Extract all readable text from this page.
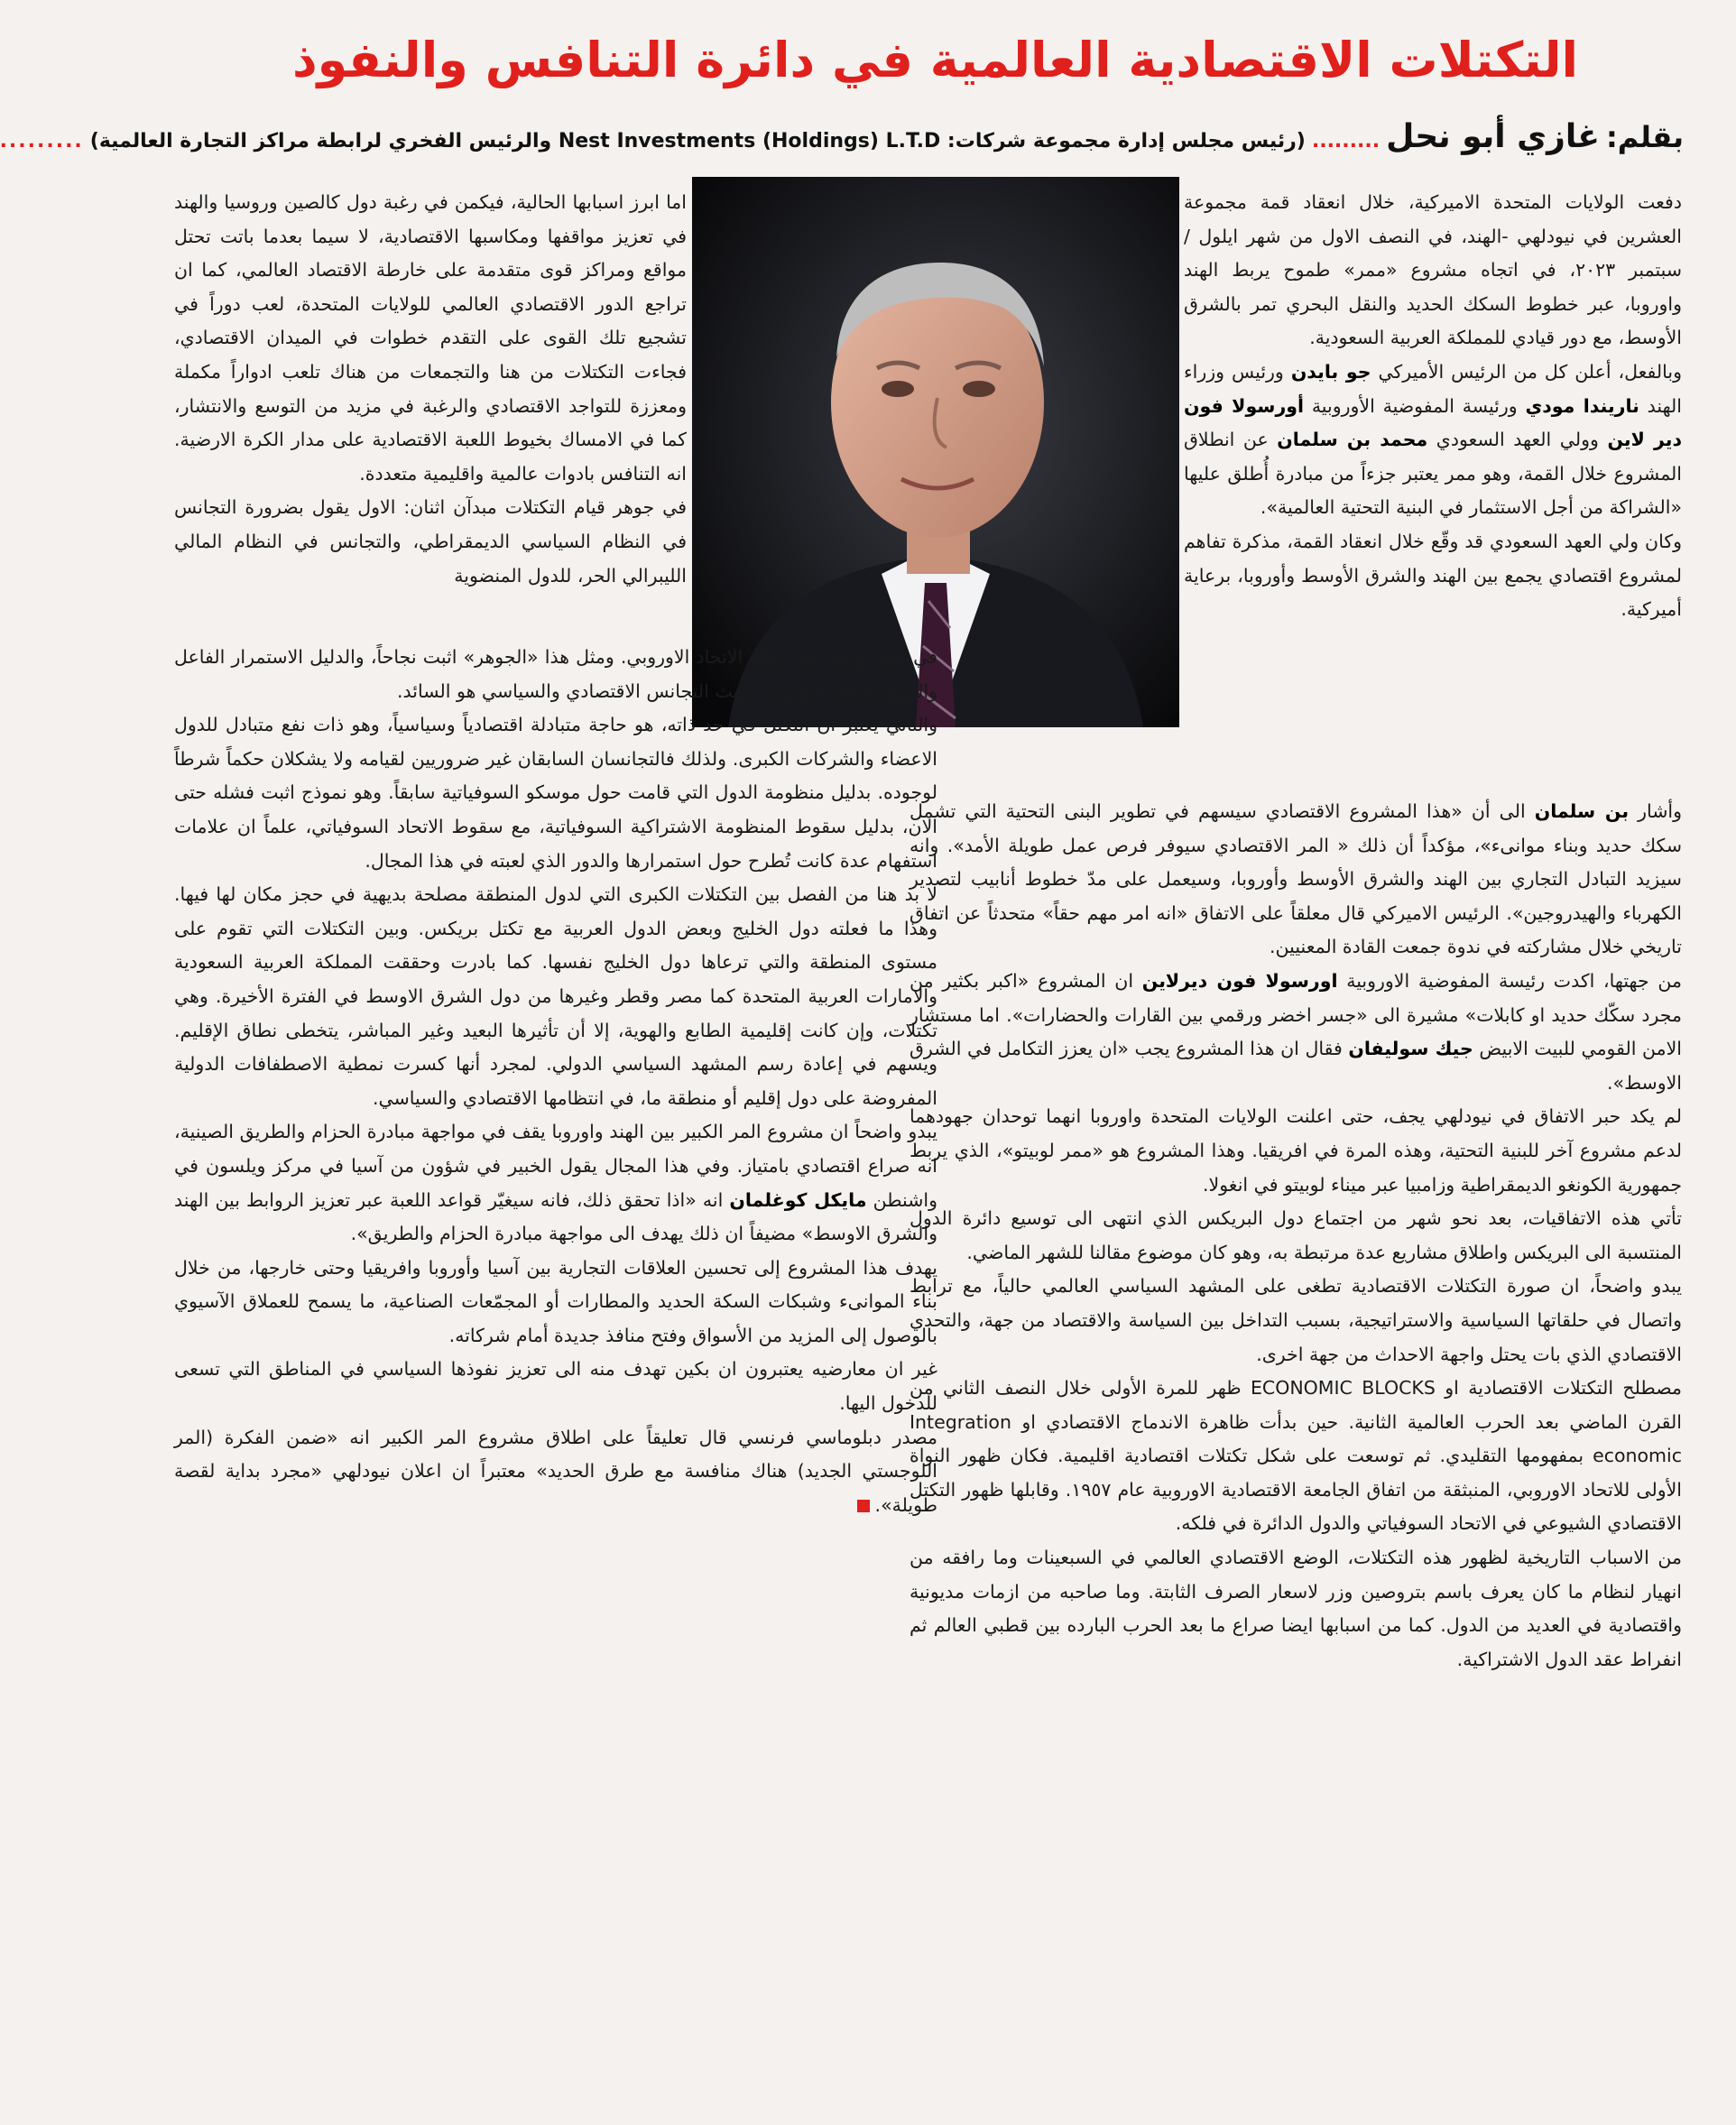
التكتلات الاقتصادية العالمية في دائرة التنافس والنفوذ
بقلم: غازي أبو نحل ......... (رئيس مجلس إدارة مجموعة شركات: Nest Investments (Holdings) L.T.D والرئيس الفخري لرابطة مراكز التجارة العالمية) .........

دفعت الولايات المتحدة الاميركية، خلال انعقاد قمة مجموعة العشرين في نيودلهي -الهند، في النصف الاول من شهر ايلول / سبتمبر ٢٠٢٣، في اتجاه مشروع «ممر» طموح يربط الهند واوروبا، عبر خطوط السكك الحديد والنقل البحري تمر بالشرق الأوسط، مع دور قيادي للمملكة العربية السعودية.

وبالفعل، أعلن كل من الرئيس الأميركي جو بايدن ورئيس وزراء الهند ناريندا مودي ورئيسة المفوضية الأوروبية أورسولا فون دير لاين وولي العهد السعودي محمد بن سلمان عن انطلاق المشروع خلال القمة، وهو ممر يعتبر جزءاً من مبادرة أُطلق عليها «الشراكة من أجل الاستثمار في البنية التحتية العالمية».

وكان ولي العهد السعودي قد وقّع خلال انعقاد القمة، مذكرة تفاهم لمشروع اقتصادي يجمع بين الهند والشرق الأوسط وأوروبا، برعاية أميركية.

اما ابرز اسبابها الحالية، فيكمن في رغبة دول كالصين وروسيا والهند في تعزيز مواقفها ومكاسبها الاقتصادية، لا سيما بعدما باتت تحتل مواقع ومراكز قوى متقدمة على خارطة الاقتصاد العالمي، كما ان تراجع الدور الاقتصادي العالمي للولايات المتحدة، لعب دوراً في تشجيع تلك القوى على التقدم خطوات في الميدان الاقتصادي، فجاءت التكتلات من هنا والتجمعات من هناك تلعب ادواراً مكملة ومعززة للتواجد الاقتصادي والرغبة في مزيد من التوسع والانتشار، كما في الامساك بخيوط اللعبة الاقتصادية على مدار الكرة الارضية. انه التنافس بادوات عالمية واقليمية متعددة.

في جوهر قيام التكتلات مبدآن اثنان: الاول يقول بضرورة التجانس في النظام السياسي الديمقراطي، والتجانس في النظام المالي الليبرالي الحر، للدول المنضوية

وأشار بن سلمان الى أن «هذا المشروع الاقتصادي سيسهم في تطوير البنى التحتية التي تشمل سكك حديد وبناء موانىء»، مؤكداً أن ذلك « المر الاقتصادي سيوفر فرص عمل طويلة الأمد». وانه سيزيد التبادل التجاري بين الهند والشرق الأوسط وأوروبا، وسيعمل على مدّ خطوط أنابيب لتصدير الكهرباء والهيدروجين». الرئيس الاميركي قال معلقاً على الاتفاق «انه امر مهم حقاً» متحدثاً عن اتفاق تاريخي خلال مشاركته في ندوة جمعت القادة المعنيين.

من جهتها، اكدت رئيسة المفوضية الاوروبية اورسولا فون ديرلاين ان المشروع «اكبر بكثير من مجرد سكّك حديد او كابلات» مشيرة الى «جسر اخضر ورقمي بين القارات والحضارات». اما مستشار الامن القومي للبيت الابيض جيك سوليفان فقال ان هذا المشروع يجب «ان يعزز التكامل في الشرق الاوسط».

لم يكد حبر الاتفاق في نيودلهي يجف، حتى اعلنت الولايات المتحدة واوروبا انهما توحدان جهودهما لدعم مشروع آخر للبنية التحتية، وهذه المرة في افريقيا. وهذا المشروع هو «ممر لوبيتو»، الذي يربط جمهورية الكونغو الديمقراطية وزامبيا عبر ميناء لوبيتو في انغولا.

تأتي هذه الاتفاقيات، بعد نحو شهر من اجتماع دول البريكس الذي انتهى الى توسيع دائرة الدول المنتسبة الى البريكس واطلاق مشاريع عدة مرتبطة به، وهو كان موضوع مقالنا للشهر الماضي.

يبدو واضحاً، ان صورة التكتلات الاقتصادية تطغى على المشهد السياسي العالمي حالياً، مع ترابط واتصال في حلقاتها السياسية والاستراتيجية، بسبب التداخل بين السياسة والاقتصاد من جهة، والتحدي الاقتصادي الذي بات يحتل واجهة الاحداث من جهة اخرى.

مصطلح التكتلات الاقتصادية او ECONOMIC BLOCKS ظهر للمرة الأولى خلال النصف الثاني من القرن الماضي بعد الحرب العالمية الثانية. حين بدأت ظاهرة الاندماج الاقتصادي او Integration economic بمفهومها التقليدي. ثم توسعت على شكل تكتلات اقتصادية اقليمية. فكان ظهور النواة الأولى للاتحاد الاوروبي، المنبثقة من اتفاق الجامعة الاقتصادية الاوروبية عام ١٩٥٧. وقابلها ظهور التكتل الاقتصادي الشيوعي في الاتحاد السوفياتي والدول الدائرة في فلكه.

من الاسباب التاريخية لظهور هذه التكتلات، الوضع الاقتصادي العالمي في السبعينات وما رافقه من انهيار لنظام ما كان يعرف باسم بتروصين وزر لاسعار الصرف الثابتة. وما صاحبه من ازمات مديونية واقتصادية في العديد من الدول. كما من اسبابها ايضا صراع ما بعد الحرب البارده بين قطبي العالم ثم انفراط عقد الدول الاشتراكية.

في تكتل واحد. مثل حالة الاتحاد الاوروبي. ومثل هذا «الجوهر» اثبت نجاحاً، والدليل الاستمرار الفاعل والقوي للاتحاد الاوروبي، حيث التجانس الاقتصادي والسياسي هو السائد.

والثاني يعتبر أن التكتل في حد ذاته، هو حاجة متبادلة اقتصادياً وسياسياً، وهو ذات نفع متبادل للدول الاعضاء والشركات الكبرى. ولذلك فالتجانسان السابقان غير ضروريين لقيامه ولا يشكلان حكماً شرطاً لوجوده. بدليل منظومة الدول التي قامت حول موسكو السوفياتية سابقاً. وهو نموذج اثبت فشله حتى الان، بدليل سقوط المنظومة الاشتراكية السوفياتية، مع سقوط الاتحاد السوفياتي، علماً ان علامات استفهام عدة كانت تُطرح حول استمرارها والدور الذي لعبته في هذا المجال.

لا بد هنا من الفصل بين التكتلات الكبرى التي لدول المنطقة مصلحة بديهية في حجز مكان لها فيها. وهذا ما فعلته دول الخليج وبعض الدول العربية مع تكتل بريكس. وبين التكتلات التي تقوم على مستوى المنطقة والتي ترعاها دول الخليج نفسها. كما بادرت وحققت المملكة العربية السعودية والامارات العربية المتحدة كما مصر وقطر وغيرها من دول الشرق الاوسط في الفترة الأخيرة. وهي تكتلات، وإن كانت إقليمية الطابع والهوية، إلا أن تأثيرها البعيد وغير المباشر، يتخطى نطاق الإقليم. ويسهم في إعادة رسم المشهد السياسي الدولي. لمجرد أنها كسرت نمطية الاصطفافات الدولية المفروضة على دول إقليم أو منطقة ما، في انتظامها الاقتصادي والسياسي.

يبدو واضحاً ان مشروع المر الكبير بين الهند واوروبا يقف في مواجهة مبادرة الحزام والطريق الصينية، انه صراع اقتصادي بامتياز. وفي هذا المجال يقول الخبير في شؤون من آسيا في مركز ويلسون في واشنطن مايكل كوغلمان انه «اذا تحقق ذلك، فانه سيغيّر قواعد اللعبة عبر تعزيز الروابط بين الهند والشرق الاوسط» مضيفاً ان ذلك يهدف الى مواجهة مبادرة الحزام والطريق».

يهدف هذا المشروع إلى تحسين العلاقات التجارية بين آسيا وأوروبا وافريقيا وحتى خارجها، من خلال بناء الموانىء وشبكات السكة الحديد والمطارات أو المجمّعات الصناعية، ما يسمح للعملاق الآسيوي بالوصول إلى المزيد من الأسواق وفتح منافذ جديدة أمام شركاته.

غير ان معارضيه يعتبرون ان بكين تهدف منه الى تعزيز نفوذها السياسي في المناطق التي تسعى للدخول اليها.

مصدر دبلوماسي فرنسي قال تعليقاً على اطلاق مشروع المر الكبير انه «ضمن الفكرة (المر اللوجستي الجديد) هناك منافسة مع طرق الحديد» معتبراً ان اعلان نيودلهي «مجرد بداية لقصة طويلة».
